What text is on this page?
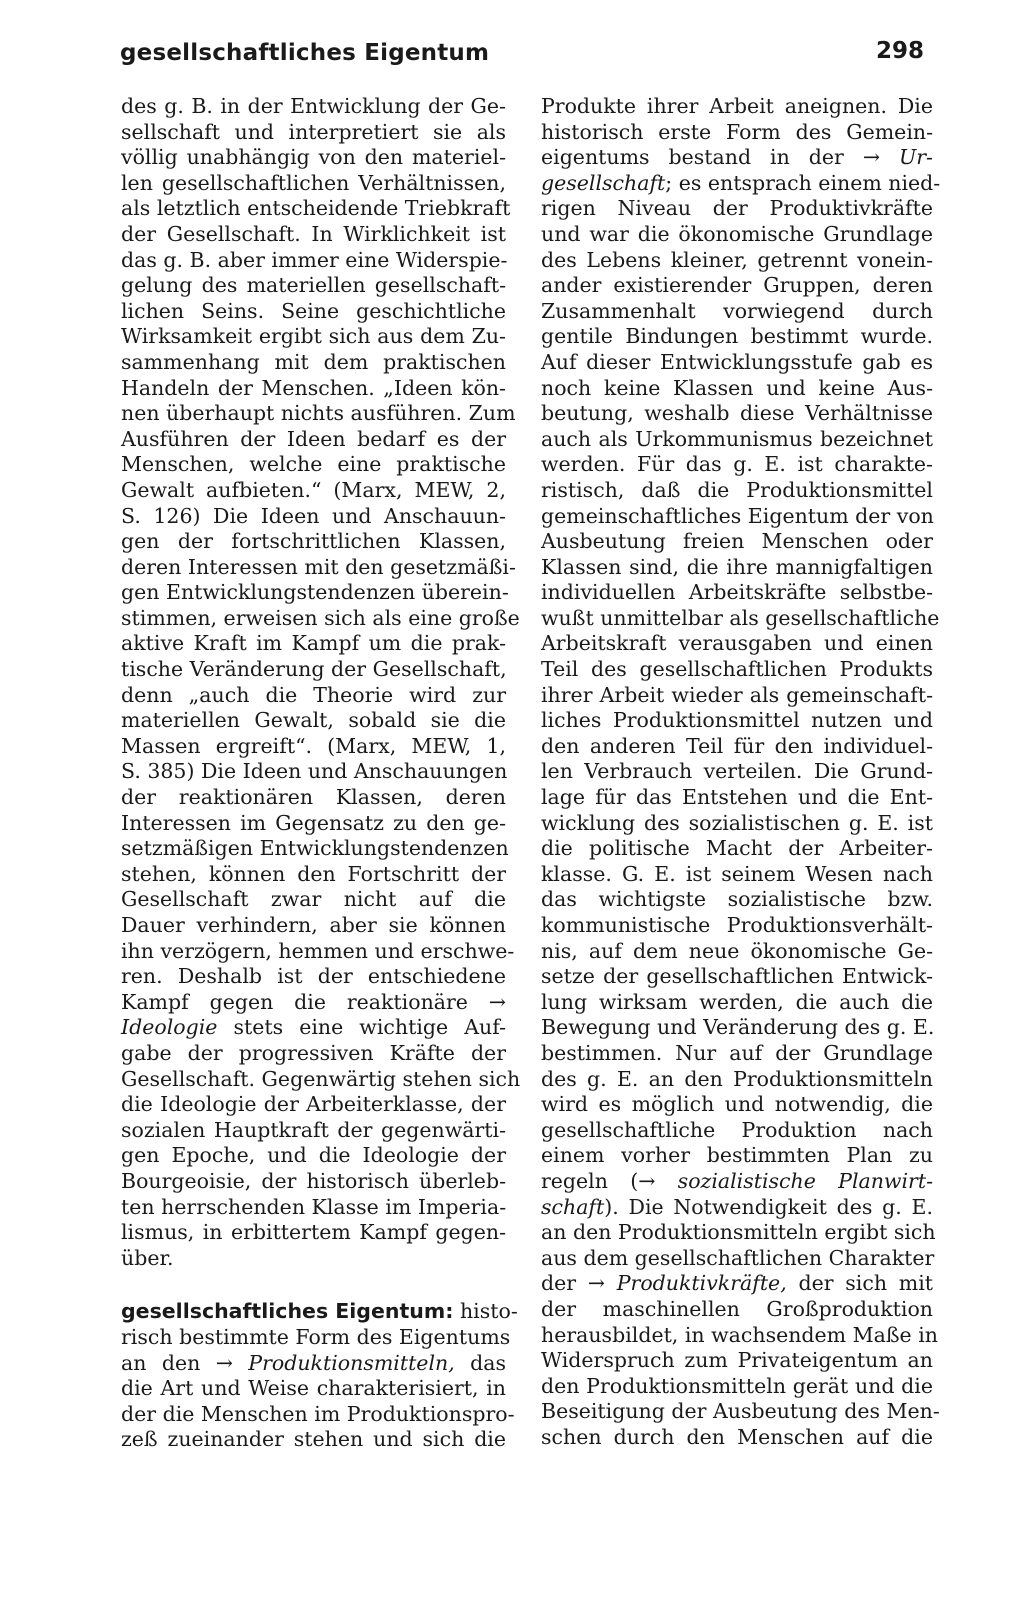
gesellschaftliches Eigentum	298
des g. B. in der Entwicklung der Ge-
sellschaft und interpretiert sie als
völlig unabhängig von den materiel-
len gesellschaftlichen Verhältnissen,
als letztlich entscheidende Triebkraft
der Gesellschaft. In Wirklichkeit ist
das g. B. aber immer eine Widerspie-
gelung des materiellen gesellschaft-
lichen Seins. Seine geschichtliche
Wirksamkeit ergibt sich aus dem Zu-
sammenhang mit dem praktischen
Handeln der Menschen. „Ideen kön-
nen überhaupt nichts ausführen. Zum
Ausführen der Ideen bedarf es der
Menschen, welche eine praktische
Gewalt aufbieten.“ (Marx, MEW, 2,
S. 126) Die Ideen und Anschauun-
gen der fortschrittlichen Klassen,
deren Interessen mit den gesetzmäßi-
gen Entwicklungstendenzen überein-
stimmen, erweisen sich als eine große
aktive Kraft im Kampf um die prak-
tische Veränderung der Gesellschaft,
denn „auch die Theorie wird zur
materiellen Gewalt, sobald sie die
Massen ergreift“. (Marx, MEW, 1,
S. 385) Die Ideen und Anschauungen
der reaktionären Klassen, deren
Interessen im Gegensatz zu den ge-
setzmäßigen Entwicklungstendenzen
stehen, können den Fortschritt der
Gesellschaft zwar nicht auf die
Dauer verhindern, aber sie können
ihn verzögern, hemmen und erschwe-
ren. Deshalb ist der entschiedene
Kampf gegen die reaktionäre →
Ideologie stets eine wichtige Auf-
gabe der progressiven Kräfte der
Gesellschaft. Gegenwärtig stehen sich
die Ideologie der Arbeiterklasse, der
sozialen Hauptkraft der gegenwärti-
gen Epoche, und die Ideologie der
Bourgeoisie, der historisch überleb-
ten herrschenden Klasse im Imperia-
lismus, in erbittertem Kampf gegen-
über.
gesellschaftliches Eigentum: histo-
risch bestimmte Form des Eigentums
an den → Produktionsmitteln, das
die Art und Weise charakterisiert, in
der die Menschen im Produktionspro-
zeß zueinander stehen und sich die
Produkte ihrer Arbeit aneignen. Die
historisch erste Form des Gemein-
eigentums bestand in der → Ur-
gesellschaft; es entsprach einem nied-
rigen Niveau der Produktivkräfte
und war die ökonomische Grundlage
des Lebens kleiner, getrennt vonein-
ander existierender Gruppen, deren
Zusammenhalt vorwiegend durch
gentile Bindungen bestimmt wurde.
Auf dieser Entwicklungsstufe gab es
noch keine Klassen und keine Aus-
beutung, weshalb diese Verhältnisse
auch als Urkommunismus bezeichnet
werden. Für das g. E. ist charakte-
ristisch, daß die Produktionsmittel
gemeinschaftliches Eigentum der von
Ausbeutung freien Menschen oder
Klassen sind, die ihre mannigfaltigen
individuellen Arbeitskräfte selbstbe-
wußt unmittelbar als gesellschaftliche
Arbeitskraft verausgaben und einen
Teil des gesellschaftlichen Produkts
ihrer Arbeit wieder als gemeinschaft-
liches Produktionsmittel nutzen und
den anderen Teil für den individuel-
len Verbrauch verteilen. Die Grund-
lage für das Entstehen und die Ent-
wicklung des sozialistischen g. E. ist
die politische Macht der Arbeiter-
klasse. G. E. ist seinem Wesen nach
das wichtigste sozialistische bzw.
kommunistische Produktionsverhält-
nis, auf dem neue ökonomische Ge-
setze der gesellschaftlichen Entwick-
lung wirksam werden, die auch die
Bewegung und Veränderung des g. E.
bestimmen. Nur auf der Grundlage
des g. E. an den Produktionsmitteln
wird es möglich und notwendig, die
gesellschaftliche Produktion nach
einem vorher bestimmten Plan zu
regeln (→ sozialistische Planwirt-
schaft). Die Notwendigkeit des g. E.
an den Produktionsmitteln ergibt sich
aus dem gesellschaftlichen Charakter
der → Produktivkräfte, der sich mit
der maschinellen Großproduktion
herausbildet, in wachsendem Maße in
Widerspruch zum Privateigentum an
den Produktionsmitteln gerät und die
Beseitigung der Ausbeutung des Men-
schen durch den Menschen auf die
